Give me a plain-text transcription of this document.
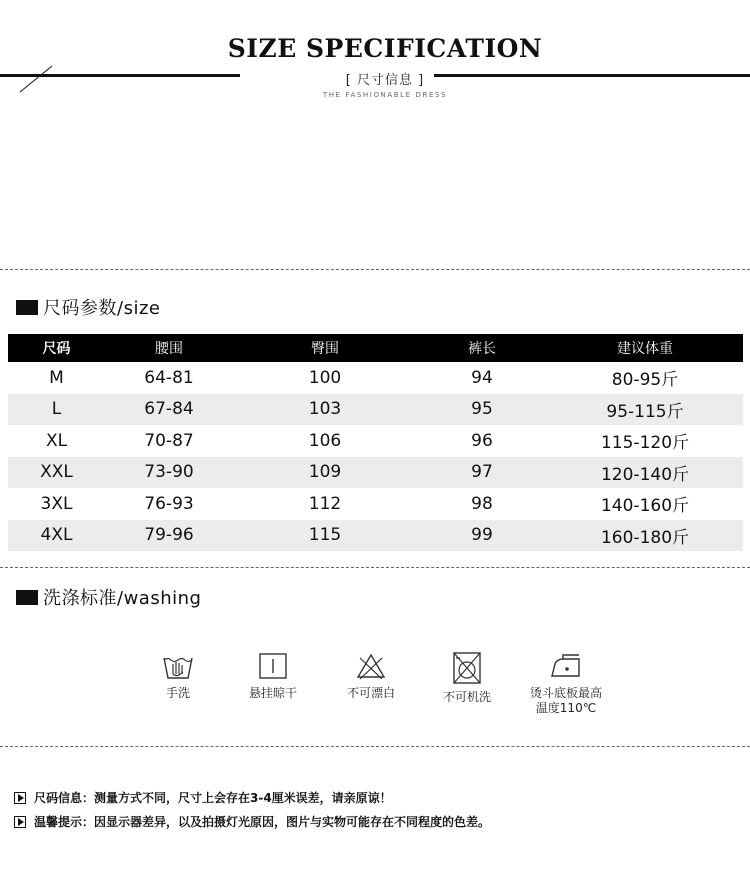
SIZE SPECIFICATION
[ 尺寸信息 ]
THE FASHIONABLE DRESS
尺码参数/size
尺码	腰围	臀围	裤长	建议体重
M	64-81	100	94	80-95斤
L	67-84	103	95	95-115斤
XL	70-87	106	96	115-120斤
XXL	73-90	109	97	120-140斤
3XL	76-93	112	98	140-160斤
4XL	79-96	115	99	160-180斤
洗涤标准/washing
手洗	悬挂晾干	不可漂白	不可机洗	烫斗底板最高
温度110℃
尺码信息：测量方式不同，尺寸上会存在3-4厘米误差，请亲原谅！
温馨提示：因显示器差异，以及拍摄灯光原因，图片与实物可能存在不同程度的色差。
